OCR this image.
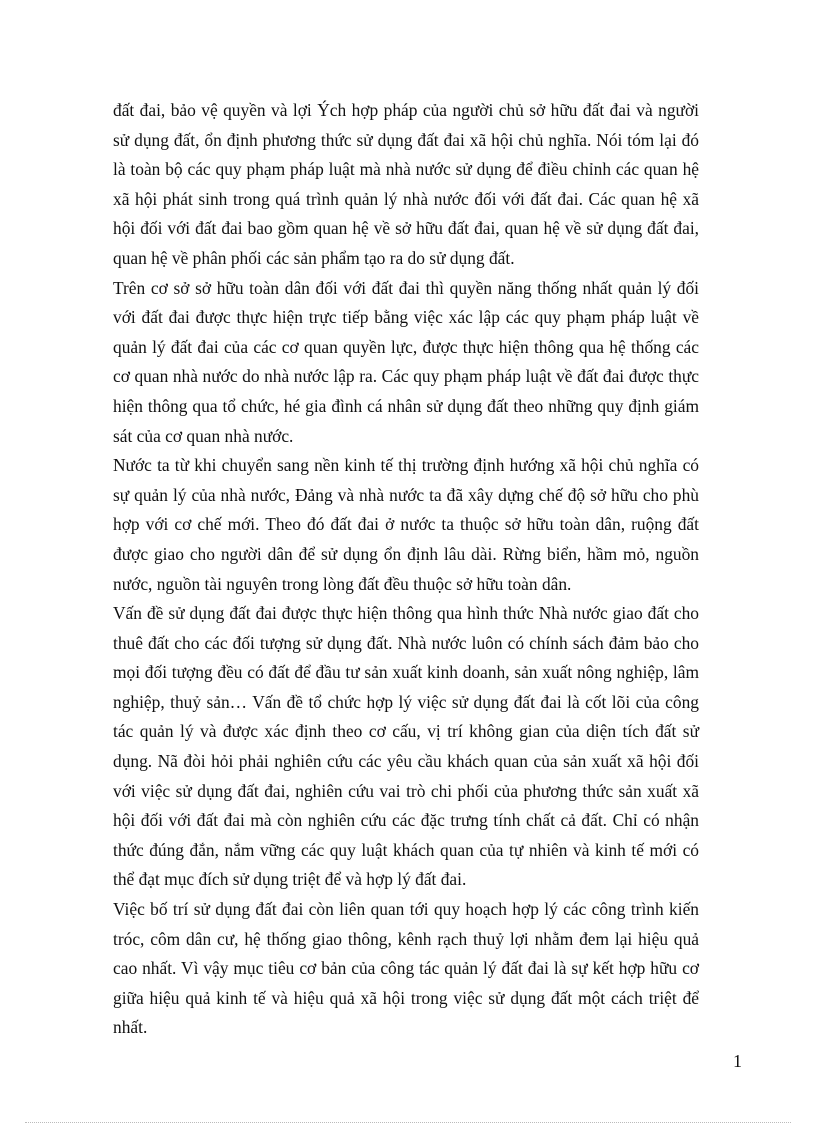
đất đai, bảo vệ quyền và lợi Ých hợp pháp của người chủ sở hữu đất đai và người sử dụng đất, ổn định phương thức sử dụng đất đai xã hội chủ nghĩa. Nói tóm lại đó là toàn bộ các quy phạm pháp luật mà nhà nước sử dụng để điều chỉnh các quan hệ xã hội phát sinh trong quá trình quản lý nhà nước đối với đất đai. Các quan hệ xã hội đối với đất đai bao gồm quan hệ về sở hữu đất đai, quan hệ về sử dụng đất đai, quan hệ về phân phối các sản phẩm tạo ra do sử dụng đất.

Trên cơ sở sở hữu toàn dân đối với đất đai thì quyền năng thống nhất quản lý đối với đất đai được thực hiện trực tiếp bằng việc xác lập các quy phạm pháp luật về quản lý đất đai của các cơ quan quyền lực, được thực hiện thông qua hệ thống các cơ quan nhà nước do nhà nước lập ra. Các quy phạm pháp luật về đất đai được thực hiện thông qua tổ chức, hé gia đình cá nhân sử dụng đất theo những quy định giám sát của cơ quan nhà nước.

Nước ta từ khi chuyển sang nền kinh tế thị trường định hướng xã hội chủ nghĩa có sự quản lý của nhà nước, Đảng và nhà nước ta đã xây dựng chế độ sở hữu cho phù hợp với cơ chế mới. Theo đó đất đai ở nước ta thuộc sở hữu toàn dân, ruộng đất được giao cho người dân để sử dụng ổn định lâu dài. Rừng biển, hầm mỏ, nguồn nước, nguồn tài nguyên trong lòng đất đều thuộc sở hữu toàn dân.

Vấn đề sử dụng đất đai được thực hiện thông qua hình thức Nhà nước giao đất cho thuê đất cho các đối tượng sử dụng đất. Nhà nước luôn có chính sách đảm bảo cho mọi đối tượng đều có đất để đầu tư sản xuất kinh doanh, sản xuất nông nghiệp, lâm nghiệp, thuỷ sản… Vấn đề tổ chức hợp lý việc sử dụng đất đai là cốt lõi của công tác quản lý và được xác định theo cơ cấu, vị trí không gian của diện tích đất sử dụng. Nã đòi hỏi phải nghiên cứu các yêu cầu khách quan của sản xuất xã hội đối với việc sử dụng đất đai, nghiên cứu vai trò chi phối của phương thức sản xuất xã hội đối với đất đai mà còn nghiên cứu các đặc trưng tính chất cả đất. Chỉ có nhận thức đúng đắn, nắm vững các quy luật khách quan của tự nhiên và kinh tế mới có thể đạt mục đích sử dụng triệt để và hợp lý đất đai.

Việc bố trí sử dụng đất đai còn liên quan tới quy hoạch hợp lý các công trình kiến tróc, côm dân cư, hệ thống giao thông, kênh rạch thuỷ lợi nhằm đem lại hiệu quả cao nhất. Vì vậy mục tiêu cơ bản của công tác quản lý đất đai là sự kết hợp hữu cơ giữa hiệu quả kinh tế và hiệu quả xã hội trong việc sử dụng đất một cách triệt để nhất.

1
